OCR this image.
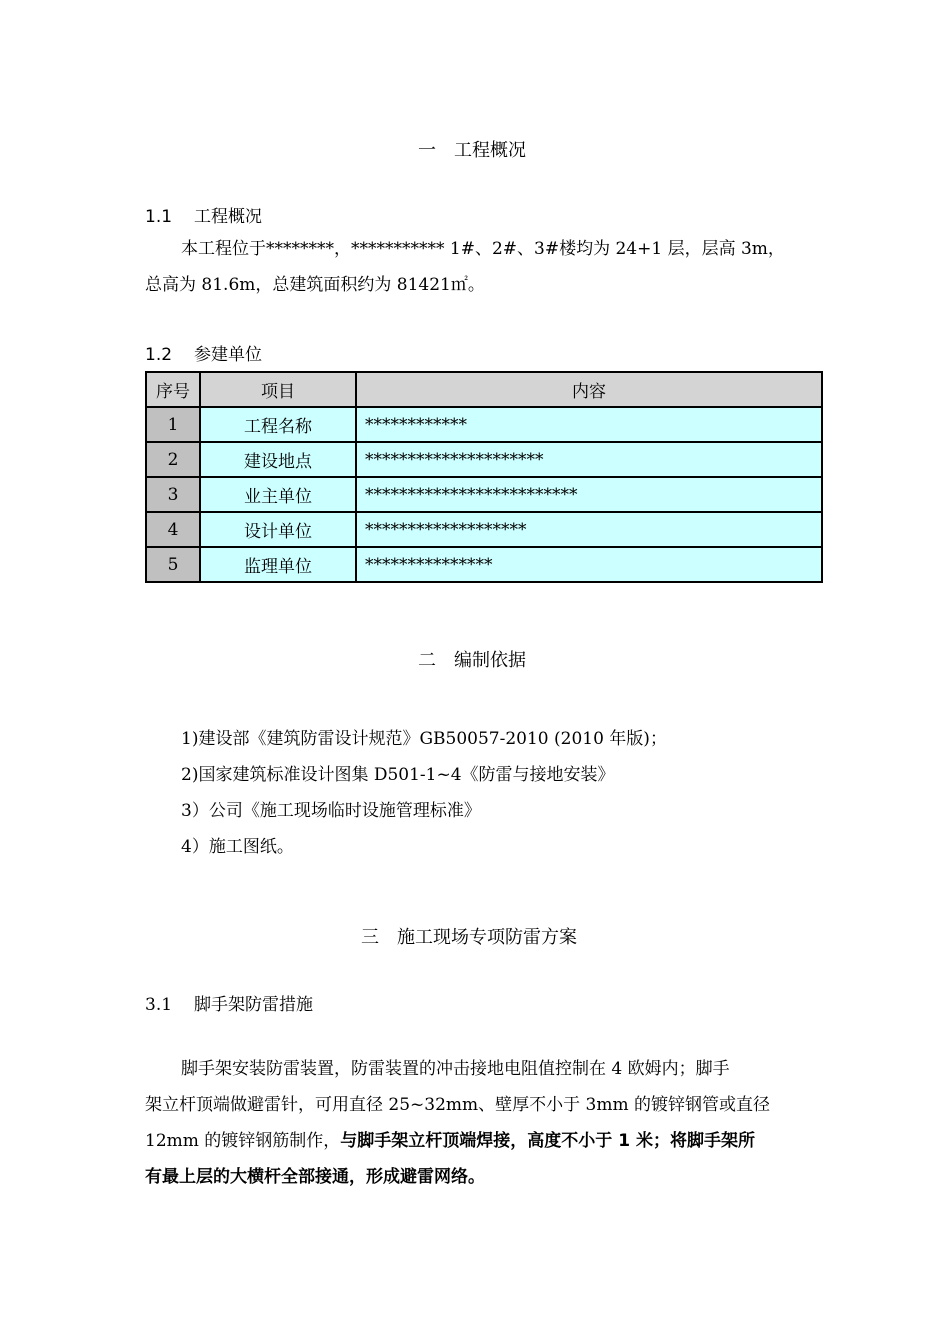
一　工程概况
1.1 工程概况
本工程位于********，*********** 1#、2#、3#楼均为 24+1 层，层高 3m，
总高为 81.6m，总建筑面积约为 81421㎡。
1.2 参建单位
序号	项目	内容
1	工程名称	************
2	建设地点	*********************
3	业主单位	*************************
4	设计单位	*******************
5	监理单位	***************
二　编制依据
1)建设部《建筑防雷设计规范》GB50057-2010 (2010 年版)；
2)国家建筑标准设计图集 D501-1~4《防雷与接地安装》
3）公司《施工现场临时设施管理标准》
4）施工图纸。
三　施工现场专项防雷方案
3.1 脚手架防雷措施
脚手架安装防雷装置，防雷装置的冲击接地电阻值控制在 4 欧姆内；脚手
架立杆顶端做避雷针，可用直径 25~32mm、壁厚不小于 3mm 的镀锌钢管或直径
12mm 的镀锌钢筋制作，与脚手架立杆顶端焊接，高度不小于 1 米；将脚手架所
有最上层的大横杆全部接通，形成避雷网络。
